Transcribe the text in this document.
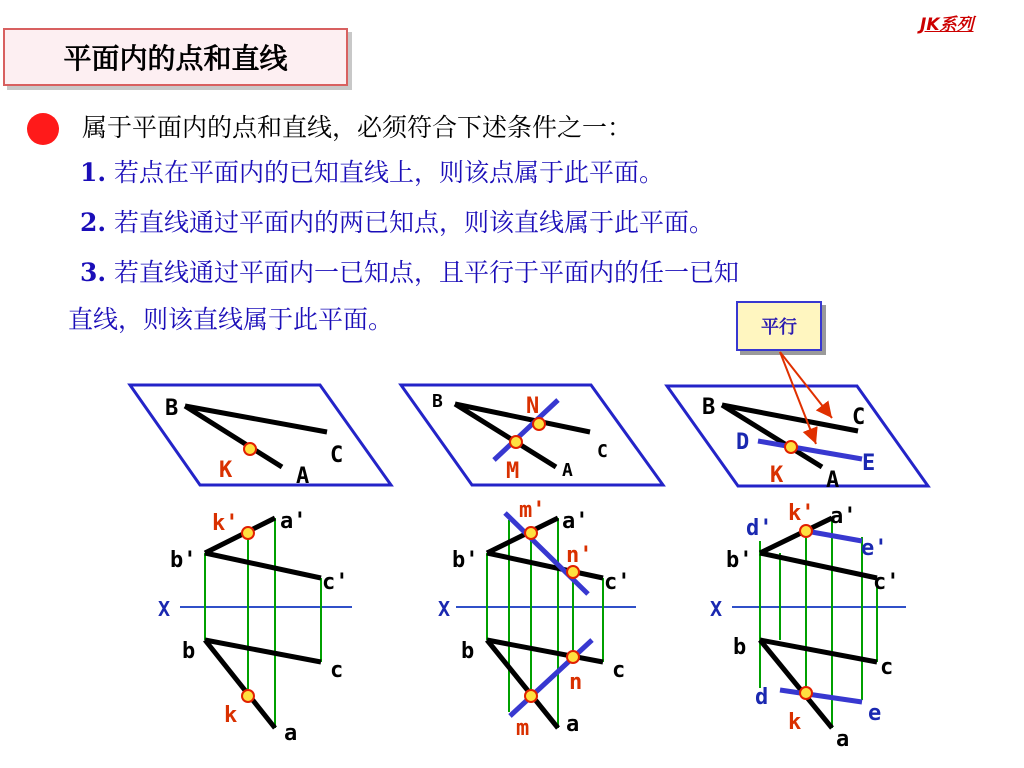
JK系列
平面内的点和直线
属于平面内的点和直线，必须符合下述条件之一：
1. 若点在平面内的已知直线上，则该点属于此平面。
2. 若直线通过平面内的两已知点，则该直线属于此平面。
3. 若直线通过平面内一已知点，且平行于平面内的任一已知
直线，则该直线属于此平面。	平行
B
C
A
K
k' a'
b'
c'
X
b
c
k
a
B	N
C
A
M
m' a'
n'
b'
c'
X
b
c
n
a
m
B	C
D
E
K A
d'
k' a'
e'
b'
c'
X
b
c
d
e
k
a
